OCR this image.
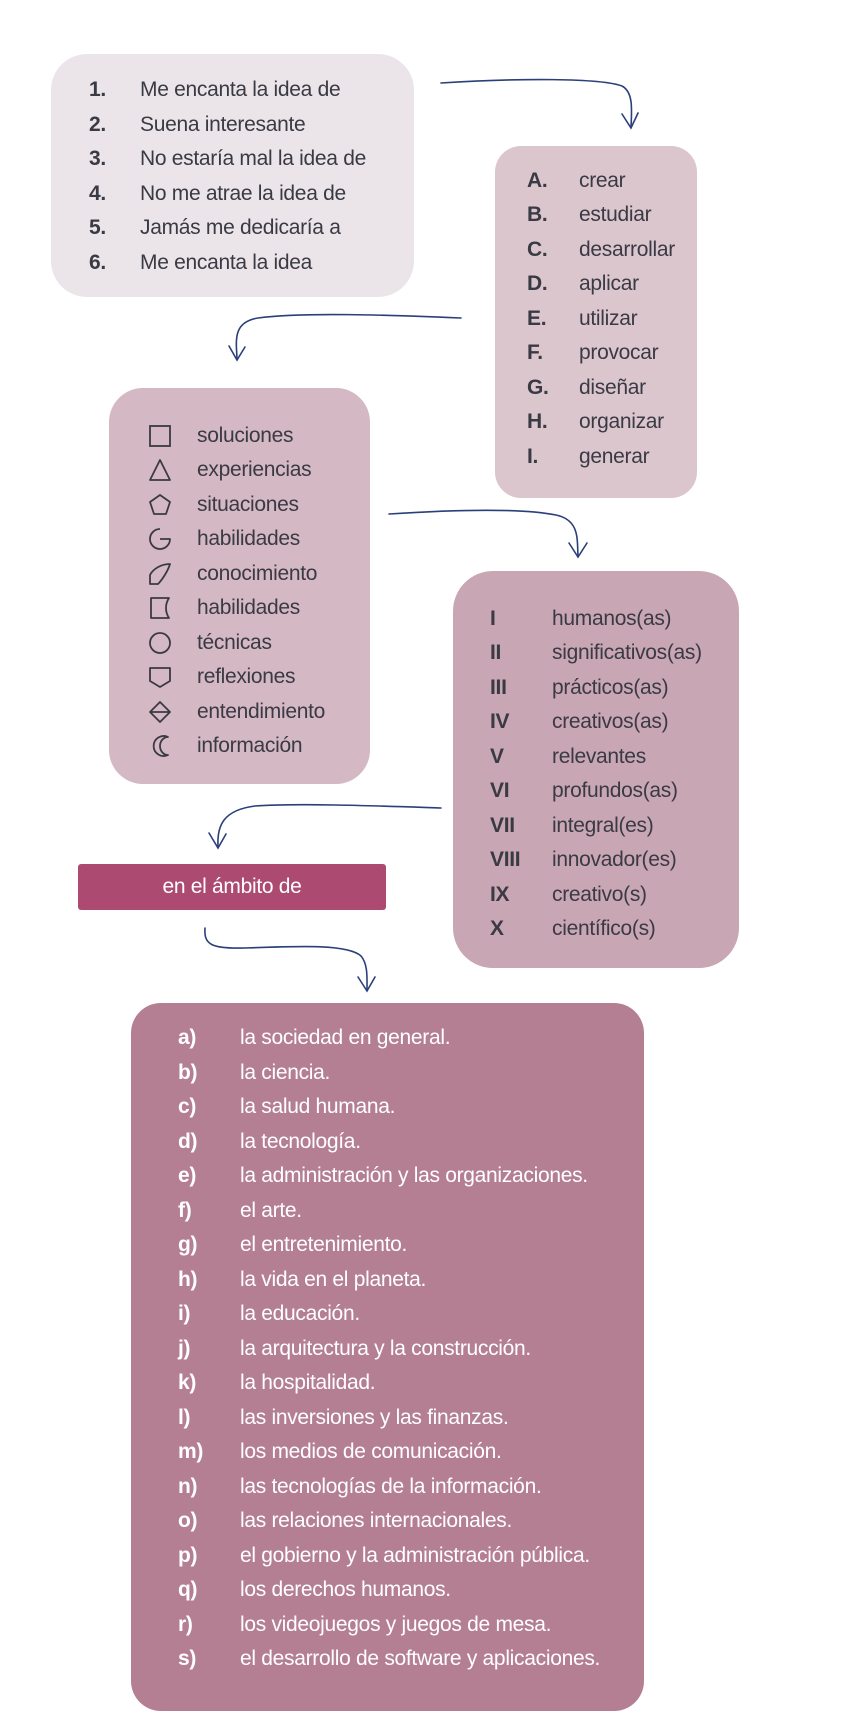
1. Me encanta la idea de
2. Suena interesante
3. No estaría mal la idea de
4. No me atrae la idea de
5. Jamás me dedicaría a
6. Me encanta la idea
A. crear
B. estudiar
C. desarrollar
D. aplicar
E. utilizar
F. provocar
G. diseñar
H. organizar
I. generar
soluciones
experiencias
situaciones
habilidades
conocimiento
habilidades
técnicas
reflexiones
entendimiento
información
I	humanos(as)
II significativos(as)
III prácticos(as)
IV creativos(as)
V relevantes
VI profundos(as)
VII integral(es)
VIII innovador(es)
IX creativo(s)
X científico(s)
en el ámbito de
a) la sociedad en general.
b) la ciencia.
c) la salud humana.
d) la tecnología.
e) la administración y las organizaciones.
f) el arte.
g) el entretenimiento.
h) la vida en el planeta.
i) la educación.
j) la arquitectura y la construcción.
k) la hospitalidad.
l) las inversiones y las finanzas.
m) los medios de comunicación.
n) las tecnologías de la información.
o) las relaciones internacionales.
p) el gobierno y la administración pública.
q) los derechos humanos.
r) los videojuegos y juegos de mesa.
s) el desarrollo de software y aplicaciones.
